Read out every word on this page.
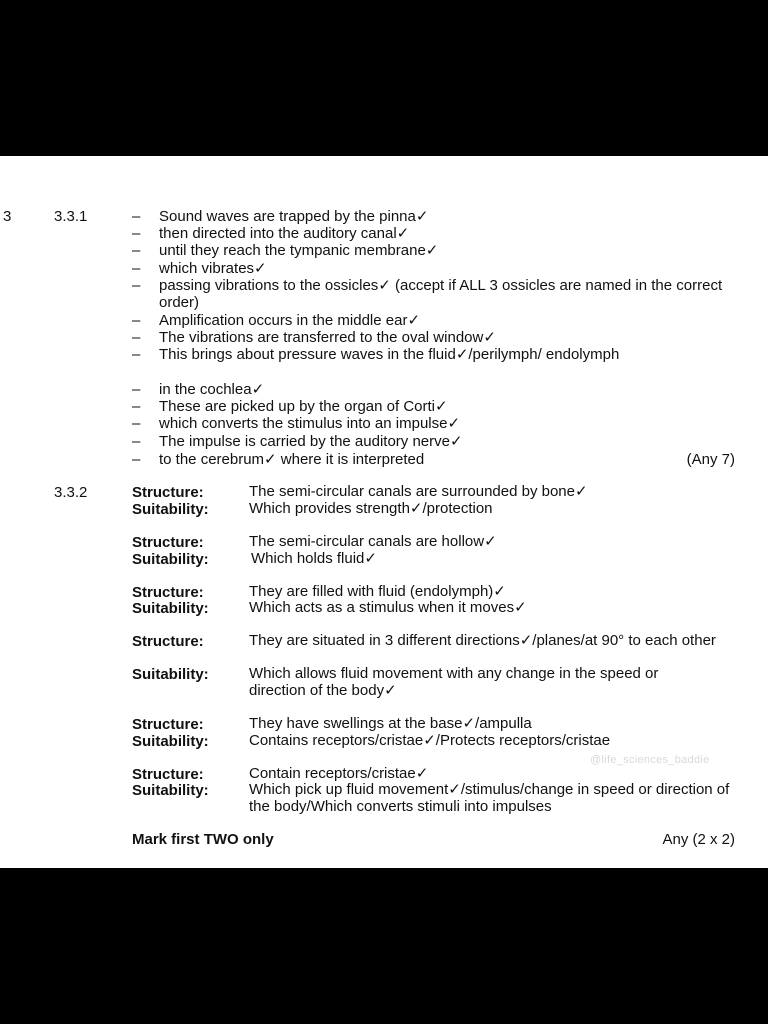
3	3.3.1	– Sound waves are trapped by the pinna✓
– then directed into the auditory canal✓
– until they reach the tympanic membrane✓
– which vibrates✓
– passing vibrations to the ossicles✓ (accept if ALL 3 ossicles are named in the correct order)
– Amplification occurs in the middle ear✓
– The vibrations are transferred to the oval window✓
– This brings about pressure waves in the fluid✓/perilymph/ endolymph
– in the cochlea✓
– These are picked up by the organ of Corti✓
– which converts the stimulus into an impulse✓
– The impulse is carried by the auditory nerve✓
– to the cerebrum✓ where it is interpreted	(Any 7)
3.3.2	Structure:	The semi-circular canals are surrounded by bone✓
Suitability:	Which provides strength✓/protection
Structure:	The semi-circular canals are hollow✓
Suitability:	Which holds fluid✓
Structure:	They are filled with fluid (endolymph)✓
Suitability:	Which acts as a stimulus when it moves✓
Structure:	They are situated in 3 different directions✓/planes/at 90° to each other
Suitability:	Which allows fluid movement with any change in the speed or direction of the body✓
Structure:	They have swellings at the base✓/ampulla
Suitability:	Contains receptors/cristae✓/Protects receptors/cristae
Structure:	Contain receptors/cristae✓
Suitability:	Which pick up fluid movement✓/stimulus/change in speed or direction of the body/Which converts stimuli into impulses
Mark first TWO only	Any (2 x 2)
@life_sciences_baddie
